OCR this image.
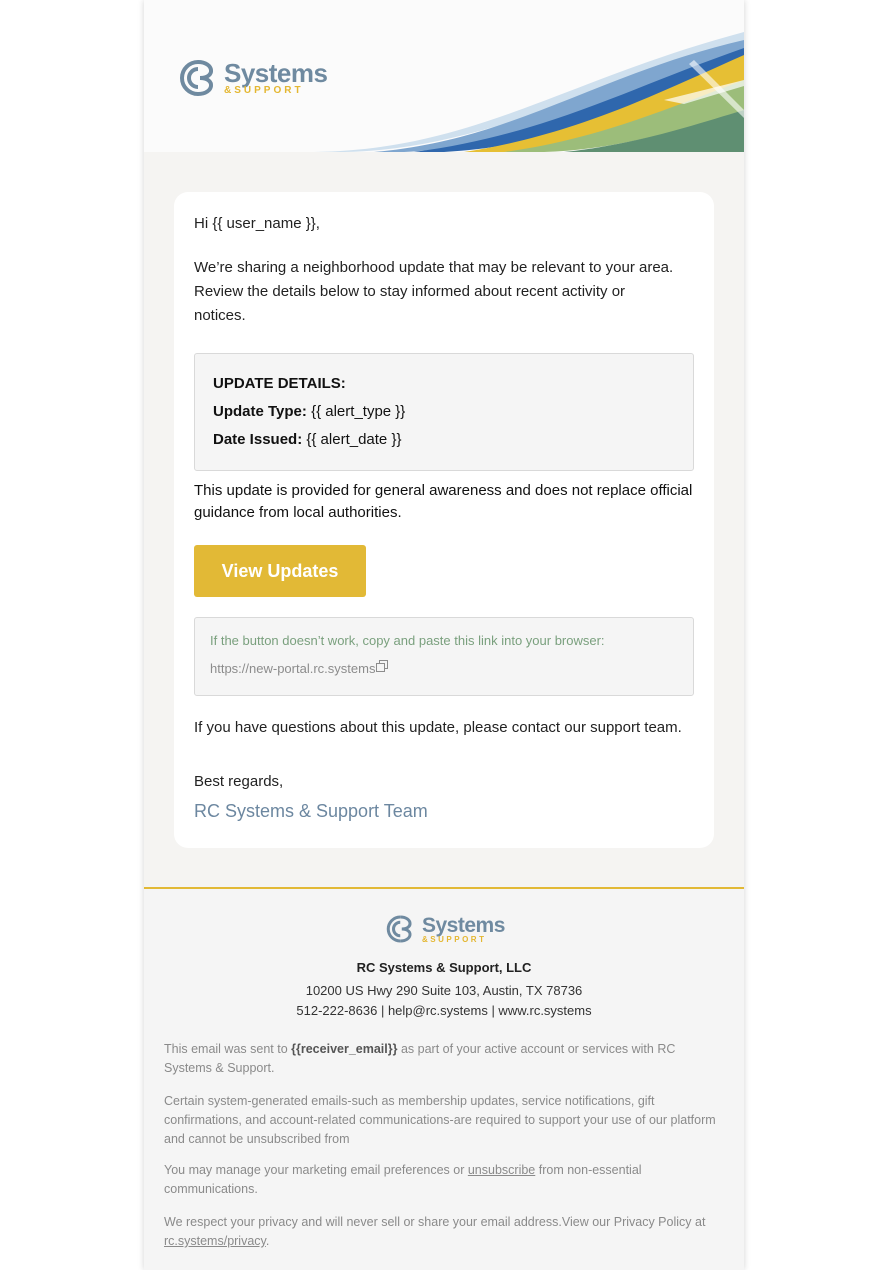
Systems
&SUPPORT
Hi {{ user_name }},
We’re sharing a neighborhood update that may be relevant to your area. Review the details below to stay informed about recent activity or notices.
UPDATE DETAILS:
Update Type: {{ alert_type }}
Date Issued: {{ alert_date }}
This update is provided for general awareness and does not replace official guidance from local authorities.
View Updates
If the button doesn’t work, copy and paste this link into your browser:
https://new-portal.rc.systems
If you have questions about this update, please contact our support team.
Best regards,
RC Systems & Support Team
Systems
&SUPPORT
RC Systems & Support, LLC
10200 US Hwy 290 Suite 103, Austin, TX 78736
512-222-8636 | help@rc.systems | www.rc.systems
This email was sent to {{receiver_email}} as part of your active account or services with RC Systems & Support.
Certain system-generated emails-such as membership updates, service notifications, gift confirmations, and account-related communications-are required to support your use of our platform and cannot be unsubscribed from
You may manage your marketing email preferences or unsubscribe from non-essential communications.
We respect your privacy and will never sell or share your email address.View our Privacy Policy at rc.systems/privacy.
